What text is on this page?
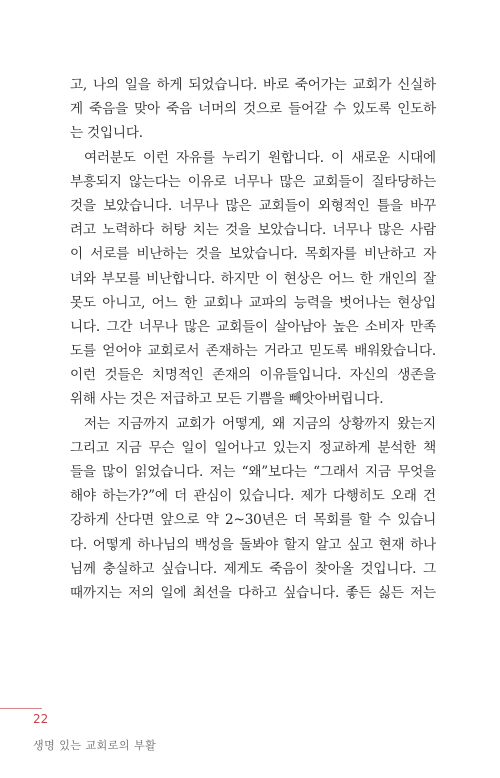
고, 나의 일을 하게 되었습니다. 바로 죽어가는 교회가 신실하
게 죽음을 맞아 죽음 너머의 것으로 들어갈 수 있도록 인도하
는 것입니다.
여러분도 이런 자유를 누리기 원합니다. 이 새로운 시대에
부흥되지 않는다는 이유로 너무나 많은 교회들이 질타당하는
것을 보았습니다. 너무나 많은 교회들이 외형적인 틀을 바꾸
려고 노력하다 허탕 치는 것을 보았습니다. 너무나 많은 사람
이 서로를 비난하는 것을 보았습니다. 목회자를 비난하고 자
녀와 부모를 비난합니다. 하지만 이 현상은 어느 한 개인의 잘
못도 아니고, 어느 한 교회나 교파의 능력을 벗어나는 현상입
니다. 그간 너무나 많은 교회들이 살아남아 높은 소비자 만족
도를 얻어야 교회로서 존재하는 거라고 믿도록 배워왔습니다.
이런 것들은 치명적인 존재의 이유들입니다. 자신의 생존을
위해 사는 것은 저급하고 모든 기쁨을 빼앗아버립니다.
저는 지금까지 교회가 어떻게, 왜 지금의 상황까지 왔는지
그리고 지금 무슨 일이 일어나고 있는지 정교하게 분석한 책
들을 많이 읽었습니다. 저는 “왜”보다는 “그래서 지금 무엇을
해야 하는가?”에 더 관심이 있습니다. 제가 다행히도 오래 건
강하게 산다면 앞으로 약 2~30년은 더 목회를 할 수 있습니
다. 어떻게 하나님의 백성을 돌봐야 할지 알고 싶고 현재 하나
님께 충실하고 싶습니다. 제게도 죽음이 찾아올 것입니다. 그
때까지는 저의 일에 최선을 다하고 싶습니다. 좋든 싫든 저는
22
생명 있는 교회로의 부활
